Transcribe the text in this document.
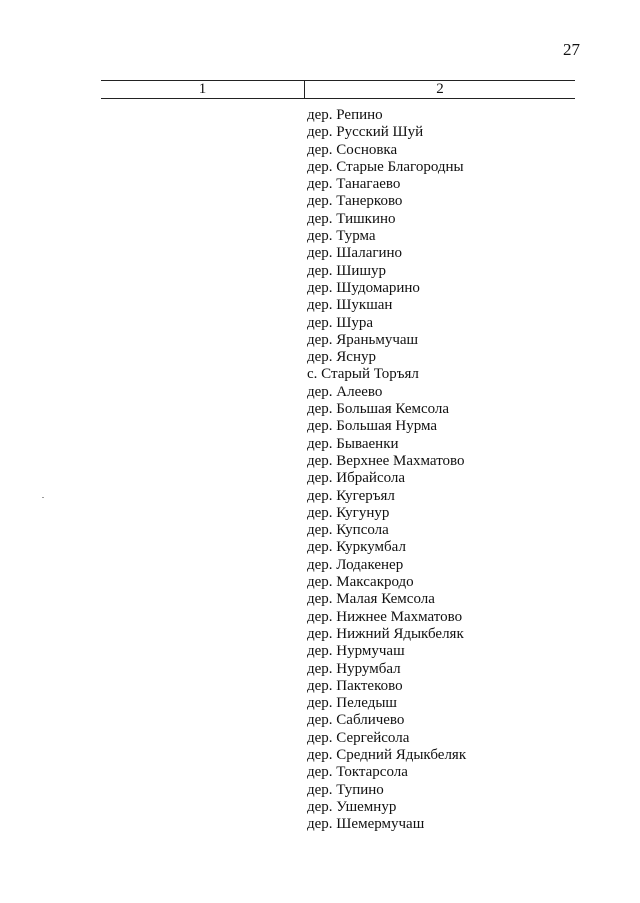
27
1	2
дер. Репино
дер. Русский Шуй
дер. Сосновка
дер. Старые Благородны
дер. Танагаево
дер. Танерково
дер. Тишкино
дер. Турма
дер. Шалагино
дер. Шишур
дер. Шудомарино
дер. Шукшан
дер. Шура
дер. Яраньмучаш
дер. Яснур
с. Старый Торъял
дер. Алеево
дер. Большая Кемсола
дер. Большая Нурма
дер. Бываенки
дер. Верхнее Махматово
дер. Ибрайсола
дер. Кугеръял
дер. Кугунур
дер. Купсола
дер. Куркумбал
дер. Лодакенер
дер. Максакродо
дер. Малая Кемсола
дер. Нижнее Махматово
дер. Нижний Ядыкбеляк
дер. Нурмучаш
дер. Нурумбал
дер. Пактеково
дер. Пеледыш
дер. Сабличево
дер. Сергейсола
дер. Средний Ядыкбеляк
дер. Токтарсола
дер. Тупино
дер. Ушемнур
дер. Шемермучаш
